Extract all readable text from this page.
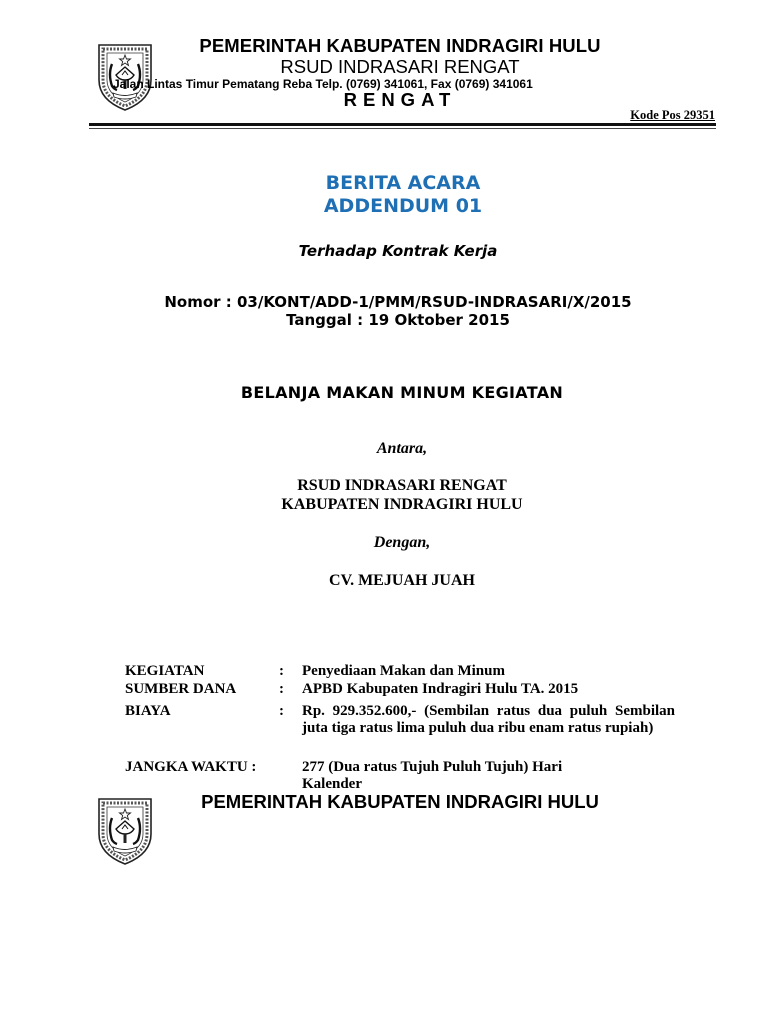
PEMERINTAH KABUPATEN INDRAGIRI HULU
RSUD INDRASARI RENGAT
Jalan Lintas Timur Pematang Reba Telp. (0769) 341061, Fax (0769) 341061
RENGAT
Kode Pos 29351
BERITA ACARA
ADDENDUM 01
Terhadap Kontrak Kerja
Nomor : 03/KONT/ADD-1/PMM/RSUD-INDRASARI/X/2015
Tanggal : 19 Oktober 2015
BELANJA MAKAN MINUM KEGIATAN
Antara,
RSUD INDRASARI RENGAT
KABUPATEN INDRAGIRI HULU
Dengan,
CV. MEJUAH JUAH
KEGIATAN	: Penyediaan Makan dan Minum
SUMBER DANA	: APBD Kabupaten Indragiri Hulu TA. 2015
BIAYA	: Rp. 929.352.600,- (Sembilan ratus dua puluh Sembilan juta tiga ratus lima puluh dua ribu enam ratus rupiah)
JANGKA WAKTU :	277 (Dua ratus Tujuh Puluh Tujuh) Hari Kalender
PEMERINTAH KABUPATEN INDRAGIRI HULU
